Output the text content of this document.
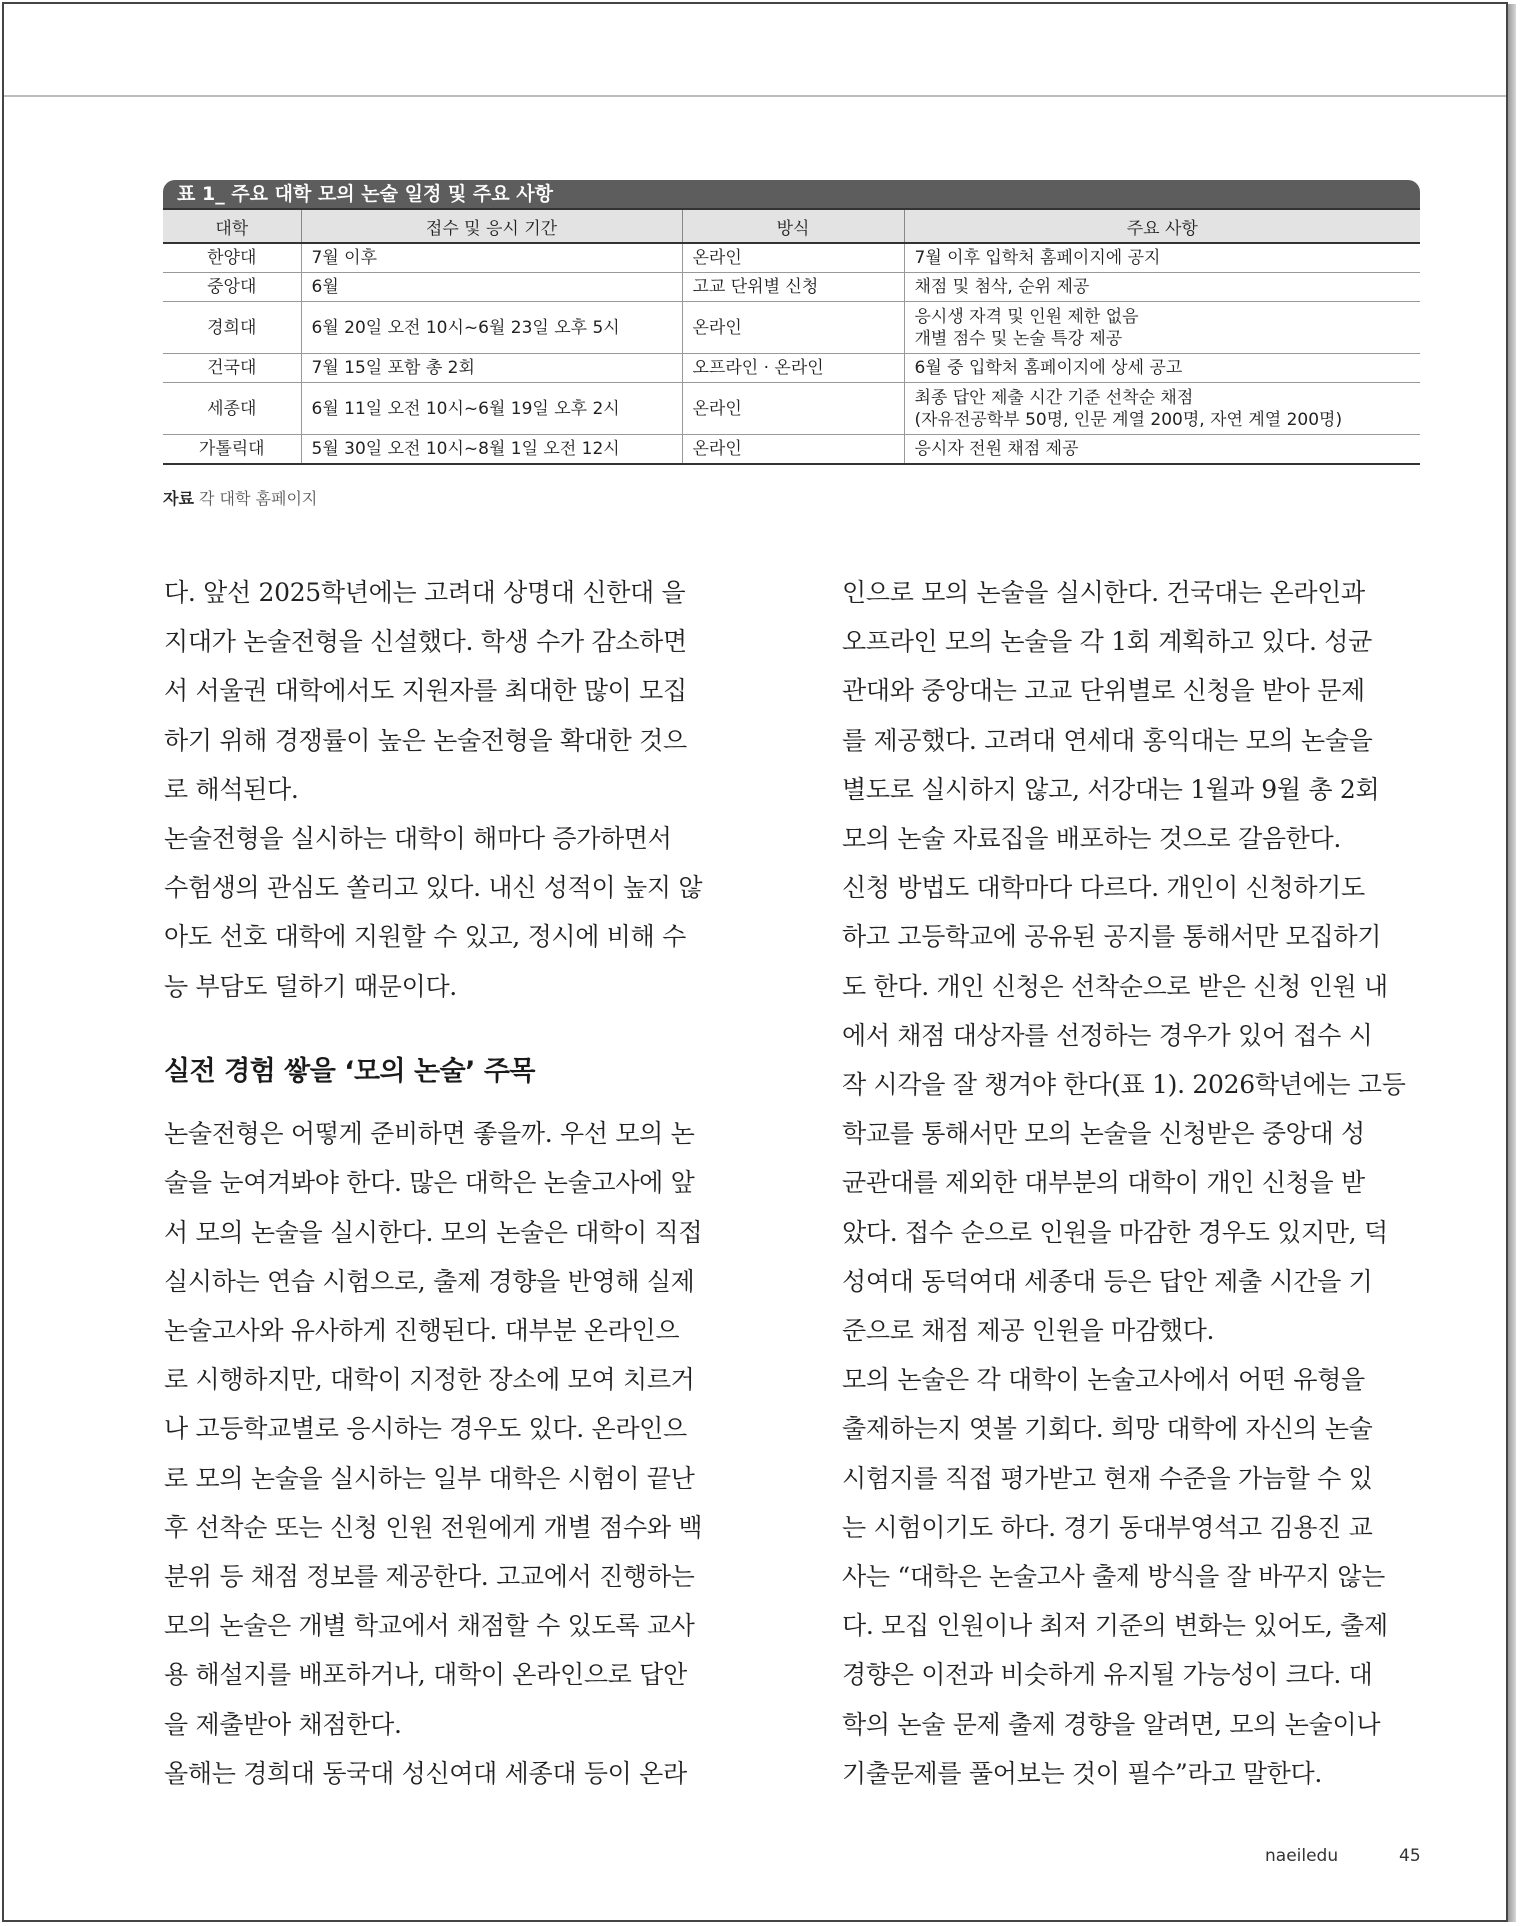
표 1_ 주요 대학 모의 논술 일정 및 주요 사항
대학	접수 및 응시 기간	방식	주요 사항
한양대	7월 이후	온라인	7월 이후 입학처 홈페이지에 공지

중앙대	6월	고교 단위별 신청	채점 및 첨삭, 순위 제공

경희대	6월 20일 오전 10시~6월 23일 오후 5시	온라인	응시생 자격 및 인원 제한 없음
개별 점수 및 논술 특강 제공

건국대	7월 15일 포함 총 2회	오프라인 · 온라인	6월 중 입학처 홈페이지에 상세 공고

세종대	6월 11일 오전 10시~6월 19일 오후 2시	온라인	최종 답안 제출 시간 기준 선착순 채점
(자유전공학부 50명, 인문 계열 200명, 자연 계열 200명)

가톨릭대	5월 30일 오전 10시~8월 1일 오전 12시	온라인	응시자 전원 채점 제공
자료 각 대학 홈페이지

다. 앞선 2025학년에는 고려대 상명대 신한대 을
지대가 논술전형을 신설했다. 학생 수가 감소하면
서 서울권 대학에서도 지원자를 최대한 많이 모집
하기 위해 경쟁률이 높은 논술전형을 확대한 것으
로 해석된다.

논술전형을 실시하는 대학이 해마다 증가하면서
수험생의 관심도 쏠리고 있다. 내신 성적이 높지 않
아도 선호 대학에 지원할 수 있고, 정시에 비해 수
능 부담도 덜하기 때문이다.

실전 경험 쌓을 ‘모의 논술’ 주목

논술전형은 어떻게 준비하면 좋을까. 우선 모의 논
술을 눈여겨봐야 한다. 많은 대학은 논술고사에 앞
서 모의 논술을 실시한다. 모의 논술은 대학이 직접
실시하는 연습 시험으로, 출제 경향을 반영해 실제
논술고사와 유사하게 진행된다. 대부분 온라인으
로 시행하지만, 대학이 지정한 장소에 모여 치르거
나 고등학교별로 응시하는 경우도 있다. 온라인으
로 모의 논술을 실시하는 일부 대학은 시험이 끝난
후 선착순 또는 신청 인원 전원에게 개별 점수와 백
분위 등 채점 정보를 제공한다. 고교에서 진행하는
모의 논술은 개별 학교에서 채점할 수 있도록 교사
용 해설지를 배포하거나, 대학이 온라인으로 답안
을 제출받아 채점한다.

올해는 경희대 동국대 성신여대 세종대 등이 온라

인으로 모의 논술을 실시한다. 건국대는 온라인과
오프라인 모의 논술을 각 1회 계획하고 있다. 성균
관대와 중앙대는 고교 단위별로 신청을 받아 문제
를 제공했다. 고려대 연세대 홍익대는 모의 논술을
별도로 실시하지 않고, 서강대는 1월과 9월 총 2회
모의 논술 자료집을 배포하는 것으로 갈음한다.

신청 방법도 대학마다 다르다. 개인이 신청하기도
하고 고등학교에 공유된 공지를 통해서만 모집하기
도 한다. 개인 신청은 선착순으로 받은 신청 인원 내
에서 채점 대상자를 선정하는 경우가 있어 접수 시
작 시각을 잘 챙겨야 한다(표 1). 2026학년에는 고등
학교를 통해서만 모의 논술을 신청받은 중앙대 성
균관대를 제외한 대부분의 대학이 개인 신청을 받
았다. 접수 순으로 인원을 마감한 경우도 있지만, 덕
성여대 동덕여대 세종대 등은 답안 제출 시간을 기
준으로 채점 제공 인원을 마감했다.

모의 논술은 각 대학이 논술고사에서 어떤 유형을
출제하는지 엿볼 기회다. 희망 대학에 자신의 논술
시험지를 직접 평가받고 현재 수준을 가늠할 수 있
는 시험이기도 하다. 경기 동대부영석고 김용진 교
사는 “대학은 논술고사 출제 방식을 잘 바꾸지 않는
다. 모집 인원이나 최저 기준의 변화는 있어도, 출제
경향은 이전과 비슷하게 유지될 가능성이 크다. 대
학의 논술 문제 출제 경향을 알려면, 모의 논술이나
기출문제를 풀어보는 것이 필수”라고 말한다.

naeiledu	45
